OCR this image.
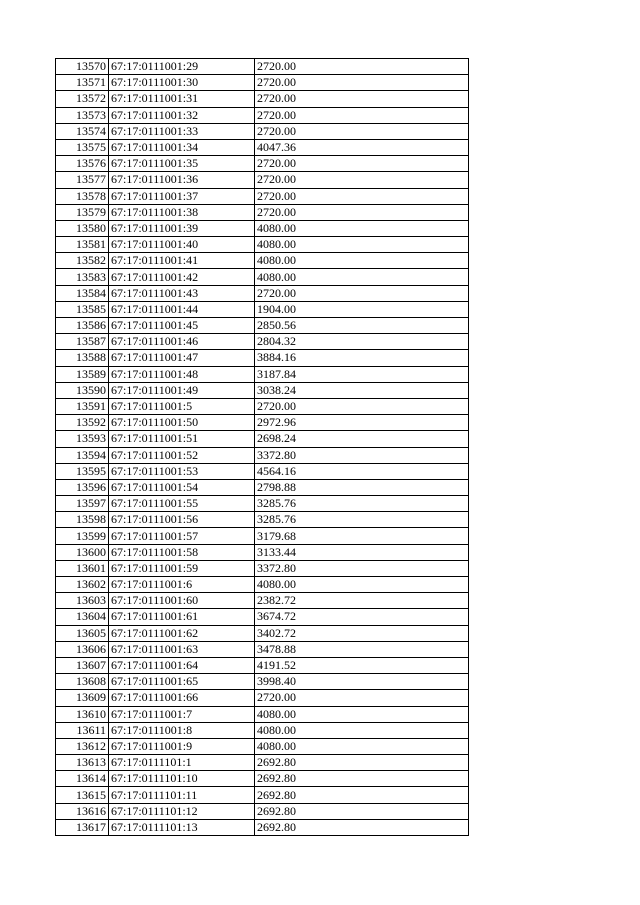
13570	67:17:0111001:29	2720.00
13571	67:17:0111001:30	2720.00
13572	67:17:0111001:31	2720.00
13573	67:17:0111001:32	2720.00
13574	67:17:0111001:33	2720.00
13575	67:17:0111001:34	4047.36
13576	67:17:0111001:35	2720.00
13577	67:17:0111001:36	2720.00
13578	67:17:0111001:37	2720.00
13579	67:17:0111001:38	2720.00
13580	67:17:0111001:39	4080.00
13581	67:17:0111001:40	4080.00
13582	67:17:0111001:41	4080.00
13583	67:17:0111001:42	4080.00
13584	67:17:0111001:43	2720.00
13585	67:17:0111001:44	1904.00
13586	67:17:0111001:45	2850.56
13587	67:17:0111001:46	2804.32
13588	67:17:0111001:47	3884.16
13589	67:17:0111001:48	3187.84
13590	67:17:0111001:49	3038.24
13591	67:17:0111001:5	2720.00
13592	67:17:0111001:50	2972.96
13593	67:17:0111001:51	2698.24
13594	67:17:0111001:52	3372.80
13595	67:17:0111001:53	4564.16
13596	67:17:0111001:54	2798.88
13597	67:17:0111001:55	3285.76
13598	67:17:0111001:56	3285.76
13599	67:17:0111001:57	3179.68
13600	67:17:0111001:58	3133.44
13601	67:17:0111001:59	3372.80
13602	67:17:0111001:6	4080.00
13603	67:17:0111001:60	2382.72
13604	67:17:0111001:61	3674.72
13605	67:17:0111001:62	3402.72
13606	67:17:0111001:63	3478.88
13607	67:17:0111001:64	4191.52
13608	67:17:0111001:65	3998.40
13609	67:17:0111001:66	2720.00
13610	67:17:0111001:7	4080.00
13611	67:17:0111001:8	4080.00
13612	67:17:0111001:9	4080.00
13613	67:17:0111101:1	2692.80
13614	67:17:0111101:10	2692.80
13615	67:17:0111101:11	2692.80
13616	67:17:0111101:12	2692.80
13617	67:17:0111101:13	2692.80
